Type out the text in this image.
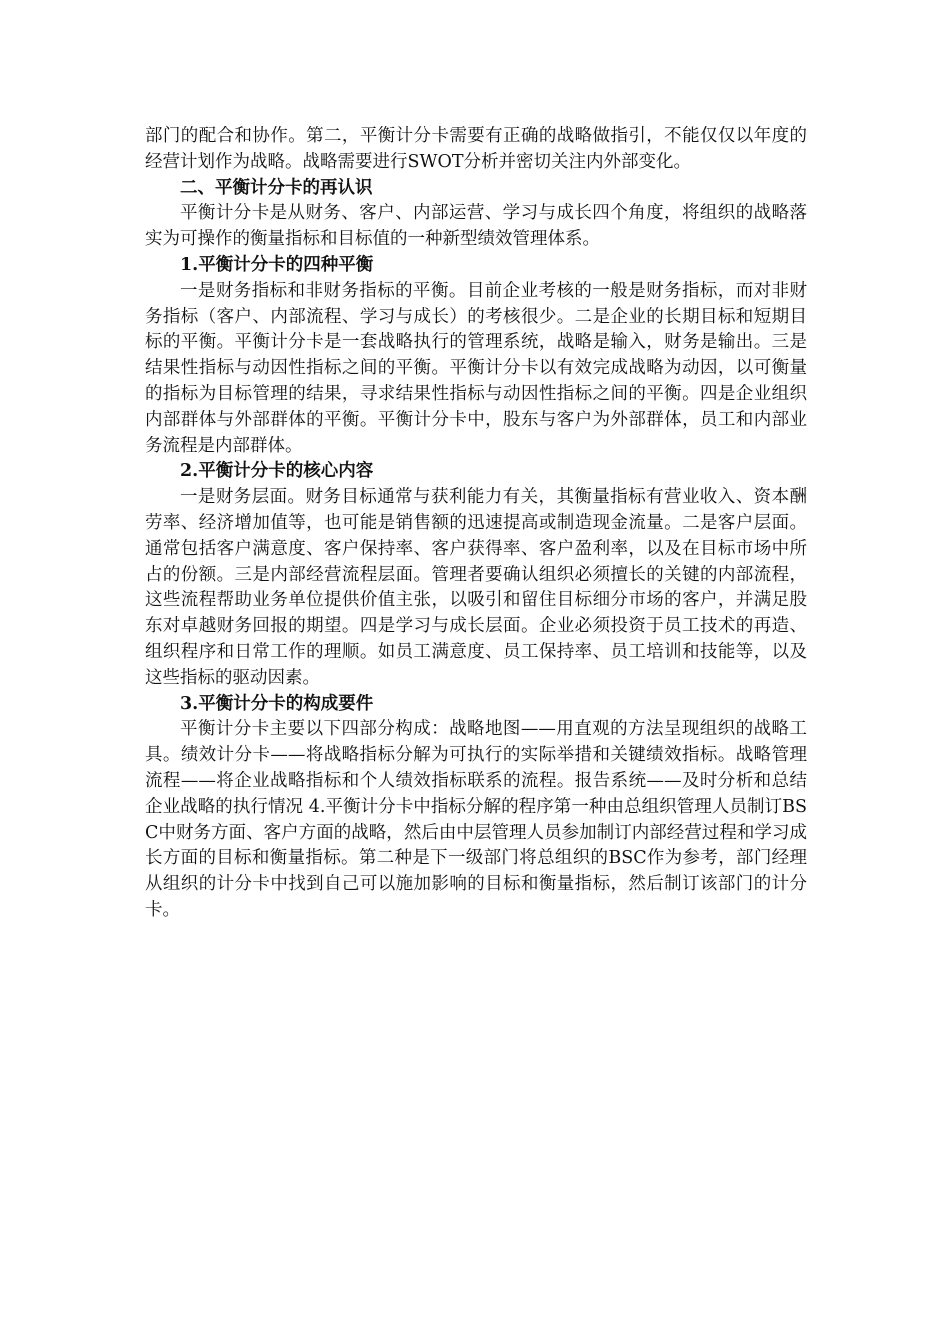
部门的配合和协作。第二，平衡计分卡需要有正确的战略做指引，不能仅仅以年度的经营计划作为战略。战略需要进行SWOT分析并密切关注内外部变化。

二、平衡计分卡的再认识

平衡计分卡是从财务、客户、内部运营、学习与成长四个角度，将组织的战略落实为可操作的衡量指标和目标值的一种新型绩效管理体系。

1.平衡计分卡的四种平衡

一是财务指标和非财务指标的平衡。目前企业考核的一般是财务指标，而对非财务指标（客户、内部流程、学习与成长）的考核很少。二是企业的长期目标和短期目标的平衡。平衡计分卡是一套战略执行的管理系统，战略是输入，财务是输出。三是结果性指标与动因性指标之间的平衡。平衡计分卡以有效完成战略为动因，以可衡量的指标为目标管理的结果，寻求结果性指标与动因性指标之间的平衡。四是企业组织内部群体与外部群体的平衡。平衡计分卡中，股东与客户为外部群体，员工和内部业务流程是内部群体。

2.平衡计分卡的核心内容

一是财务层面。财务目标通常与获利能力有关，其衡量指标有营业收入、资本酬劳率、经济增加值等，也可能是销售额的迅速提高或制造现金流量。二是客户层面。通常包括客户满意度、客户保持率、客户获得率、客户盈利率，以及在目标市场中所占的份额。三是内部经营流程层面。管理者要确认组织必须擅长的关键的内部流程，这些流程帮助业务单位提供价值主张，以吸引和留住目标细分市场的客户，并满足股东对卓越财务回报的期望。四是学习与成长层面。企业必须投资于员工技术的再造、组织程序和日常工作的理顺。如员工满意度、员工保持率、员工培训和技能等，以及这些指标的驱动因素。

3.平衡计分卡的构成要件

平衡计分卡主要以下四部分构成：战略地图——用直观的方法呈现组织的战略工具。绩效计分卡——将战略指标分解为可执行的实际举措和关键绩效指标。战略管理流程——将企业战略指标和个人绩效指标联系的流程。报告系统——及时分析和总结企业战略的执行情况 4.平衡计分卡中指标分解的程序第一种由总组织管理人员制订BSC中财务方面、客户方面的战略，然后由中层管理人员参加制订内部经营过程和学习成长方面的目标和衡量指标。第二种是下一级部门将总组织的BSC作为参考，部门经理从组织的计分卡中找到自己可以施加影响的目标和衡量指标，然后制订该部门的计分卡。
